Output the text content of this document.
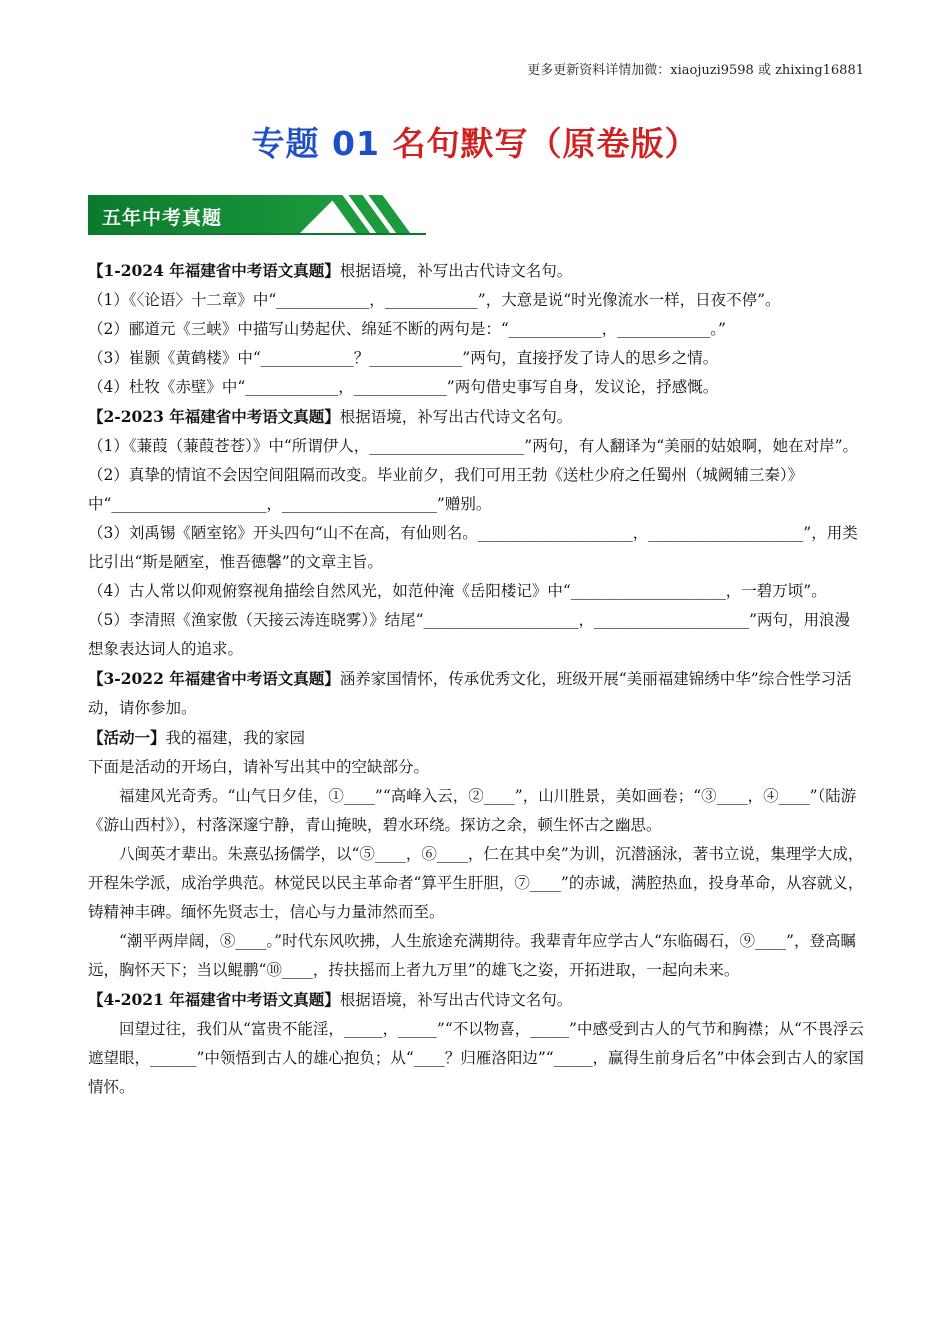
更多更新资料详情加微：xiaojuzi9598 或 zhixing16881
专题 01 名句默写（原卷版）
五年中考真题

【1-2024 年福建省中考语文真题】根据语境，补写出古代诗文名句。

（1）《〈论语〉十二章》中“____________，____________”，大意是说“时光像流水一样，日夜不停”。

（2）郦道元《三峡》中描写山势起伏、绵延不断的两句是：“____________，____________。”

（3）崔颢《黄鹤楼》中“____________？____________”两句，直接抒发了诗人的思乡之情。

（4）杜牧《赤壁》中“____________，____________”两句借史事写自身，发议论，抒感慨。

【2-2023 年福建省中考语文真题】根据语境，补写出古代诗文名句。

（1）《蒹葭（蒹葭苍苍）》中“所谓伊人，____________________”两句，有人翻译为“美丽的姑娘啊，她在对岸”。

（2）真挚的情谊不会因空间阻隔而改变。毕业前夕，我们可用王勃《送杜少府之任蜀州（城阙辅三秦）》中“____________________，____________________”赠别。

（3）刘禹锡《陋室铭》开头四句“山不在高，有仙则名。____________________，____________________”，用类比引出“斯是陋室，惟吾德馨”的文章主旨。

（4）古人常以仰观俯察视角描绘自然风光，如范仲淹《岳阳楼记》中“____________________，一碧万顷”。

（5）李清照《渔家傲（天接云涛连晓雾）》结尾“____________________，____________________”两句，用浪漫想象表达词人的追求。

【3-2022 年福建省中考语文真题】涵养家国情怀，传承优秀文化，班级开展“美丽福建锦绣中华”综合性学习活动，请你参加。

【活动一】我的福建，我的家园

下面是活动的开场白，请补写出其中的空缺部分。

福建风光奇秀。“山气日夕佳，①____”“高峰入云，②____”，山川胜景，美如画卷；“③____，④____”（陆游《游山西村》），村落深邃宁静，青山掩映，碧水环绕。探访之余，顿生怀古之幽思。

八闽英才辈出。朱熹弘扬儒学，以“⑤____，⑥____，仁在其中矣”为训，沉潜涵泳，著书立说，集理学大成，开程朱学派，成治学典范。林觉民以民主革命者“算平生肝胆，⑦____”的赤诚，满腔热血，投身革命，从容就义，铸精神丰碑。缅怀先贤志士，信心与力量沛然而至。

“潮平两岸阔，⑧____。”时代东风吹拂，人生旅途充满期待。我辈青年应学古人“东临碣石，⑨____”，登高瞩远，胸怀天下；当以鲲鹏“⑩____，抟扶摇而上者九万里”的雄飞之姿，开拓进取，一起向未来。

【4-2021 年福建省中考语文真题】根据语境，补写出古代诗文名句。

回望过往，我们从“富贵不能淫，_____，_____”“不以物喜，_____”中感受到古人的气节和胸襟；从“不畏浮云遮望眼，______”中领悟到古人的雄心抱负；从“____？归雁洛阳边”“_____，赢得生前身后名”中体会到古人的家国情怀。
